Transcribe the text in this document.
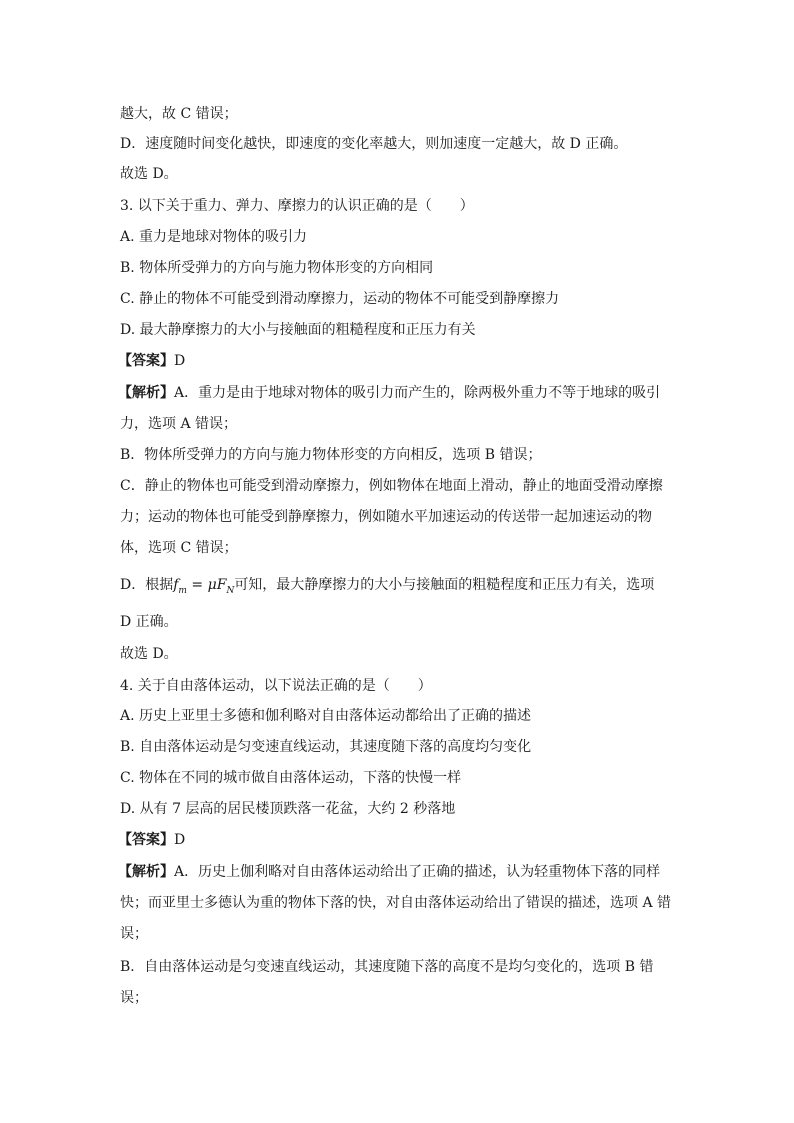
越大，故 C 错误；
D．速度随时间变化越快，即速度的变化率越大，则加速度一定越大，故 D 正确。
故选 D。
3. 以下关于重力、弹力、摩擦力的认识正确的是（　　）
A. 重力是地球对物体的吸引力
B. 物体所受弹力的方向与施力物体形变的方向相同
C. 静止的物体不可能受到滑动摩擦力，运动的物体不可能受到静摩擦力
D. 最大静摩擦力的大小与接触面的粗糙程度和正压力有关
【答案】D
【解析】A．重力是由于地球对物体的吸引力而产生的，除两极外重力不等于地球的吸引
力，选项 A 错误；
B．物体所受弹力的方向与施力物体形变的方向相反，选项 B 错误；
C．静止的物体也可能受到滑动摩擦力，例如物体在地面上滑动，静止的地面受滑动摩擦
力；运动的物体也可能受到静摩擦力，例如随水平加速运动的传送带一起加速运动的物
体，选项 C 错误；
D．根据$f_m = \mu F_N$可知，最大静摩擦力的大小与接触面的粗糙程度和正压力有关，选项
D 正确。
故选 D。
4. 关于自由落体运动，以下说法正确的是（　　）
A. 历史上亚里士多德和伽利略对自由落体运动都给出了正确的描述
B. 自由落体运动是匀变速直线运动，其速度随下落的高度均匀变化
C. 物体在不同的城市做自由落体运动，下落的快慢一样
D. 从有 7 层高的居民楼顶跌落一花盆，大约 2 秒落地
【答案】D
【解析】A．历史上伽利略对自由落体运动给出了正确的描述，认为轻重物体下落的同样
快；而亚里士多德认为重的物体下落的快，对自由落体运动给出了错误的描述，选项 A 错
误；
B．自由落体运动是匀变速直线运动，其速度随下落的高度不是均匀变化的，选项 B 错
误；
